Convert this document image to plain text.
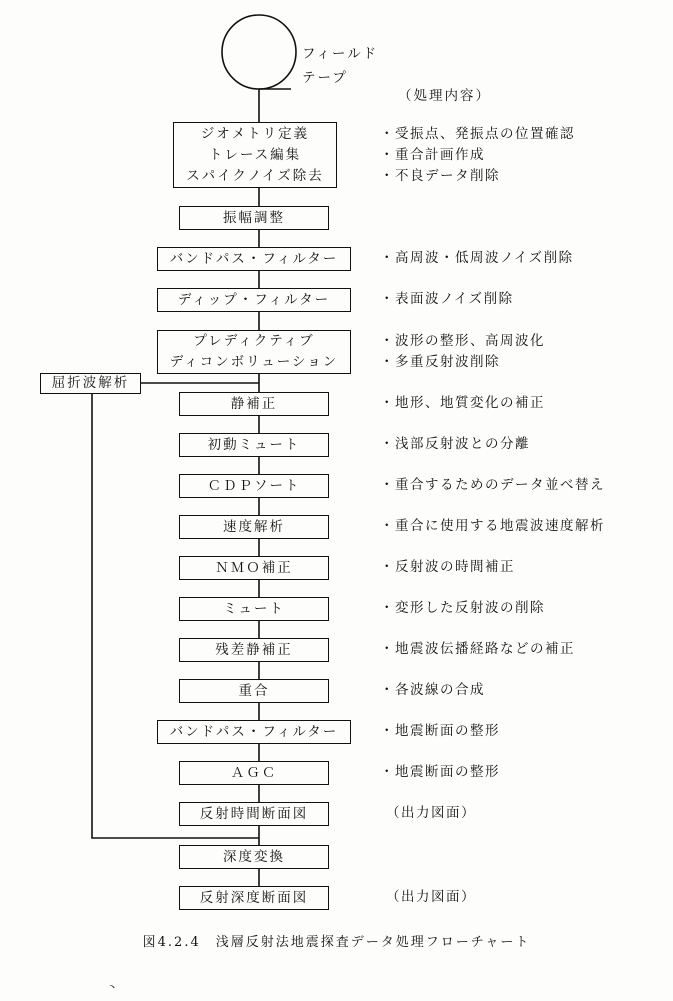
フィールド
テープ
（処理内容）
ジオメトリ定義
トレース編集
スパイクノイズ除去
振幅調整
バンドパス・フィルター
ディップ・フィルター
プレディクティブ
ディコンボリューション
静補正
初動ミュート
ＣＤＰソート
速度解析
ＮＭＯ補正
ミュート
残差静補正
重合
バンドパス・フィルター
ＡＧＣ
反射時間断面図
深度変換
反射深度断面図
屈折波解析
・受振点、発振点の位置確認
・重合計画作成
・不良データ削除
・高周波・低周波ノイズ削除
・表面波ノイズ削除
・波形の整形、高周波化
・多重反射波削除
・地形、地質変化の補正
・浅部反射波との分離
・重合するためのデータ並べ替え
・重合に使用する地震波速度解析
・反射波の時間補正
・変形した反射波の削除
・地震波伝播経路などの補正
・各波線の合成
・地震断面の整形
・地震断面の整形
（出力図面）
（出力図面）
図4.2.4　浅層反射法地震探査データ処理フローチャート
ヽ
